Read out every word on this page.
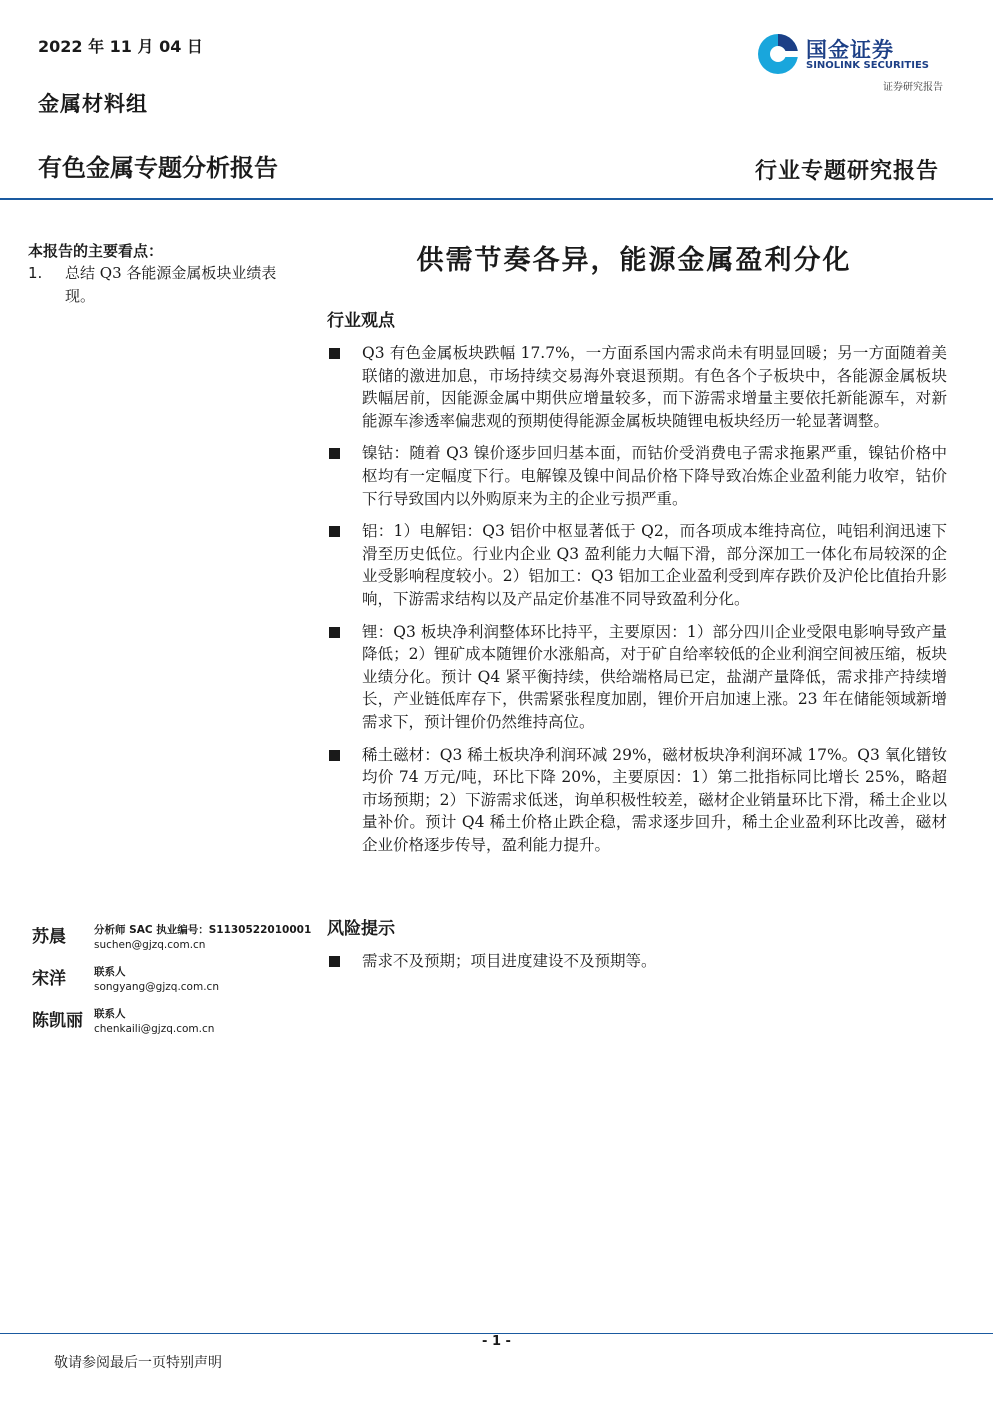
2022 年 11 月 04 日
金属材料组
有色金属专题分析报告	行业专题研究报告
国金证券
SINOLINK SECURITIES
证券研究报告
本报告的主要看点：
1.	总结 Q3 各能源金属板块业绩表现。
供需节奏各异，能源金属盈利分化
行业观点
Q3 有色金属板块跌幅 17.7%，一方面系国内需求尚未有明显回暖；另一方面随着美联储的激进加息，市场持续交易海外衰退预期。有色各个子板块中，各能源金属板块跌幅居前，因能源金属中期供应增量较多，而下游需求增量主要依托新能源车，对新能源车渗透率偏悲观的预期使得能源金属板块随锂电板块经历一轮显著调整。
镍钴：随着 Q3 镍价逐步回归基本面，而钴价受消费电子需求拖累严重，镍钴价格中枢均有一定幅度下行。电解镍及镍中间品价格下降导致冶炼企业盈利能力收窄，钴价下行导致国内以外购原来为主的企业亏损严重。
铝：1）电解铝：Q3 铝价中枢显著低于 Q2，而各项成本维持高位，吨铝利润迅速下滑至历史低位。行业内企业 Q3 盈利能力大幅下滑，部分深加工一体化布局较深的企业受影响程度较小。2）铝加工：Q3 铝加工企业盈利受到库存跌价及沪伦比值抬升影响，下游需求结构以及产品定价基准不同导致盈利分化。
锂：Q3 板块净利润整体环比持平，主要原因：1）部分四川企业受限电影响导致产量降低；2）锂矿成本随锂价水涨船高，对于矿自给率较低的企业利润空间被压缩，板块业绩分化。预计 Q4 紧平衡持续，供给端格局已定，盐湖产量降低，需求排产持续增长，产业链低库存下，供需紧张程度加剧，锂价开启加速上涨。23 年在储能领域新增需求下，预计锂价仍然维持高位。
稀土磁材：Q3 稀土板块净利润环减 29%，磁材板块净利润环减 17%。Q3 氧化镨钕均价 74 万元/吨，环比下降 20%，主要原因：1）第二批指标同比增长 25%，略超市场预期；2）下游需求低迷，询单积极性较差，磁材企业销量环比下滑，稀土企业以量补价。预计 Q4 稀土价格止跌企稳，需求逐步回升，稀土企业盈利环比改善，磁材企业价格逐步传导，盈利能力提升。
风险提示
需求不及预期；项目进度建设不及预期等。
苏晨	分析师 SAC 执业编号：S1130522010001
suchen@gjzq.com.cn
宋洋	联系人
songyang@gjzq.com.cn
陈凯丽	联系人
chenkaili@gjzq.com.cn
- 1 -
敬请参阅最后一页特别声明
